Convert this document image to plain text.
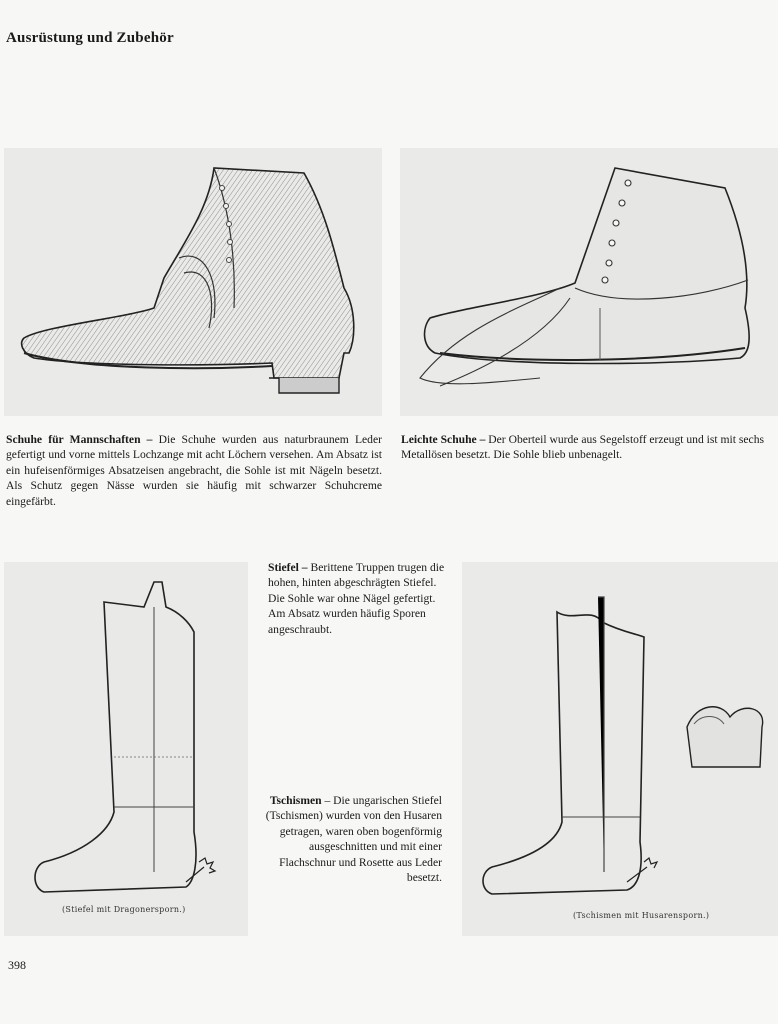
Ausrüstung und Zubehör
Schuhe für Mannschaften – Die Schuhe wurden aus naturbraunem Leder gefertigt und vorne mittels Lochzange mit acht Löchern versehen. Am Absatz ist ein hufeisenförmiges Absatzeisen angebracht, die Sohle ist mit Nägeln besetzt. Als Schutz gegen Nässe wurden sie häufig mit schwarzer Schuhcreme eingefärbt.
Leichte Schuhe – Der Oberteil wurde aus Segelstoff erzeugt und ist mit sechs Metallösen besetzt. Die Sohle blieb unbenagelt.
(Stiefel mit Dragonersporn.)
Stiefel – Berittene Truppen trugen die hohen, hinten abgeschrägten Stiefel. Die Sohle war ohne Nägel gefertigt. Am Absatz wurden häufig Sporen angeschraubt.
Tschismen – Die ungarischen Stiefel (Tschismen) wurden von den Husaren getragen, waren oben bogenförmig ausgeschnitten und mit einer Flachschnur und Rosette aus Leder besetzt.
(Tschismen mit Husarensporn.)
398
